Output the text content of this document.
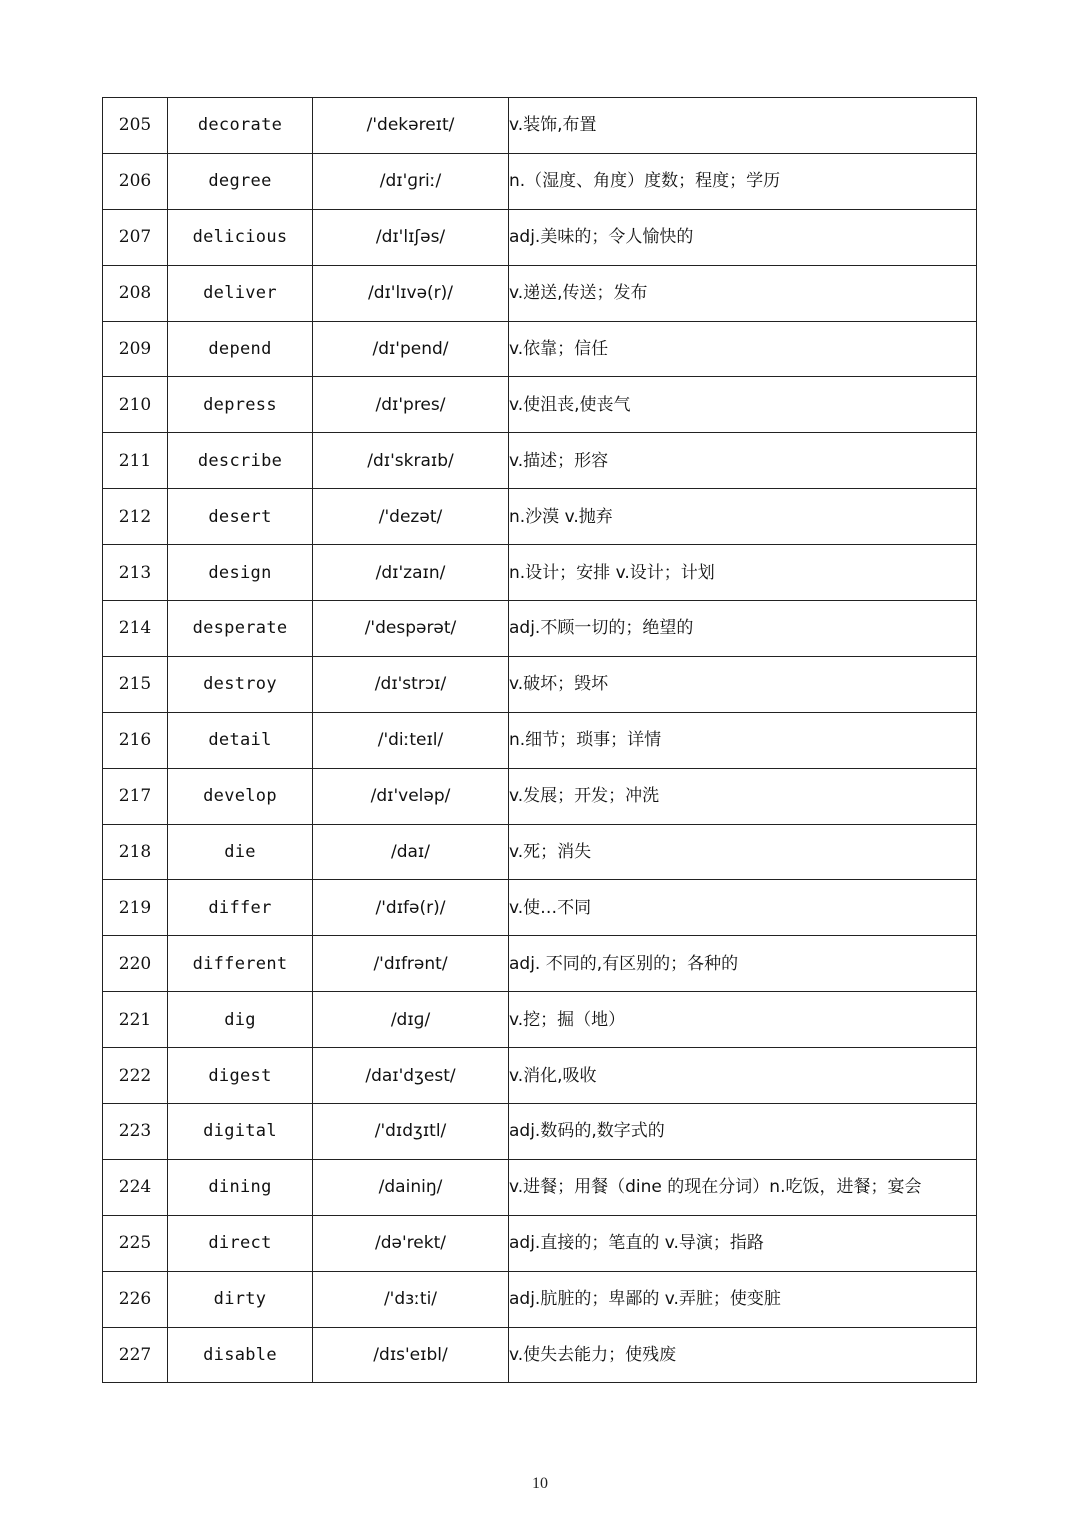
205	decorate	/'dekəreɪt/	v.装饰,布置
206	degree	/dɪ'ɡriː/	n.（湿度、角度）度数；程度；学历
207	delicious	/dɪ'lɪʃəs/	adj.美味的；令人愉快的
208	deliver	/dɪ'lɪvə(r)/	v.递送,传送；发布
209	depend	/dɪ'pend/	v.依靠；信任
210	depress	/dɪ'pres/	v.使沮丧,使丧气
211	describe	/dɪ'skraɪb/	v.描述；形容
212	desert	/'dezət/	n.沙漠 v.抛弃
213	design	/dɪ'zaɪn/	n.设计；安排 v.设计；计划
214	desperate	/'despərət/	adj.不顾一切的；绝望的
215	destroy	/dɪ'strɔɪ/	v.破坏；毁坏
216	detail	/'diːteɪl/	n.细节；琐事；详情
217	develop	/dɪ'veləp/	v.发展；开发；冲洗
218	die	/daɪ/	v.死；消失
219	differ	/'dɪfə(r)/	v.使…不同
220	different	/'dɪfrənt/	adj. 不同的,有区别的；各种的
221	dig	/dɪɡ/	v.挖；掘（地）
222	digest	/daɪ'dʒest/	v.消化,吸收
223	digital	/'dɪdʒɪtl/	adj.数码的,数字式的
224	dining	/dainiŋ/	v.进餐；用餐（dine 的现在分词）n.吃饭，进餐；宴会
225	direct	/də'rekt/	adj.直接的；笔直的 v.导演；指路
226	dirty	/'dɜːti/	adj.肮脏的；卑鄙的 v.弄脏；使变脏
227	disable	/dɪs'eɪbl/	v.使失去能力；使残废
10
